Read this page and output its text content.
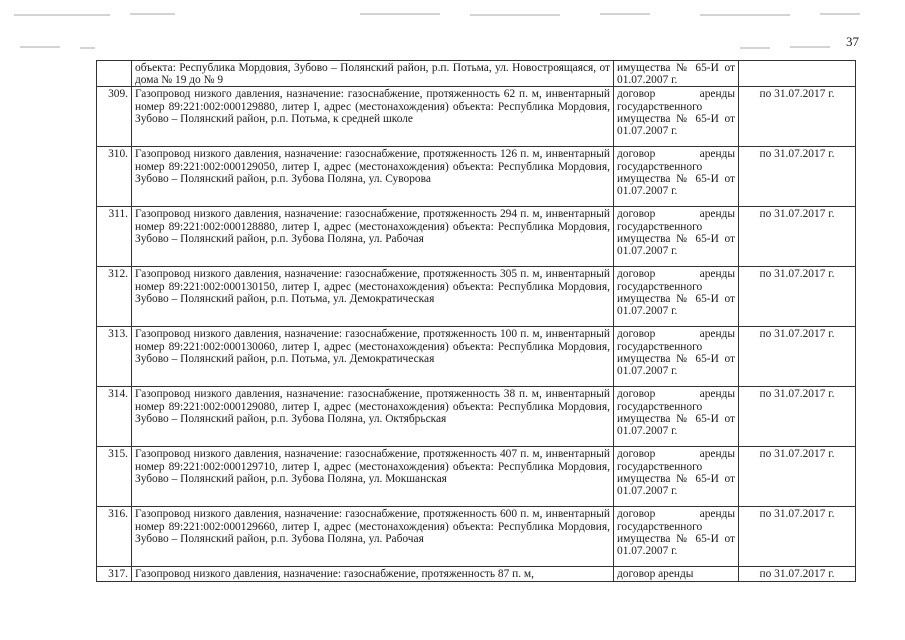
37
	объекта: Республика Мордовия, Зубово – Полянский район, р.п. Потьма, ул. Новостроящаяся, от дома № 19 до № 9	имущества № 65-И от 01.07.2007 г.	
309.	Газопровод низкого давления, назначение: газоснабжение, протяженность 62 п. м, инвентарный номер 89:221:002:000129880, литер I, адрес (местонахождения) объекта: Республика Мордовия, Зубово – Полянский район, р.п. Потьма, к средней школе	договор аренды государственного имущества № 65-И от 01.07.2007 г.	по 31.07.2017 г.
310.	Газопровод низкого давления, назначение: газоснабжение, протяженность 126 п. м, инвентарный номер 89:221:002:000129050, литер I, адрес (местонахождения) объекта: Республика Мордовия, Зубово – Полянский район, р.п. Зубова Поляна, ул. Суворова	договор аренды государственного имущества № 65-И от 01.07.2007 г.	по 31.07.2017 г.
311.	Газопровод низкого давления, назначение: газоснабжение, протяженность 294 п. м, инвентарный номер 89:221:002:000128880, литер I, адрес (местонахождения) объекта: Республика Мордовия, Зубово – Полянский район, р.п. Зубова Поляна, ул. Рабочая	договор аренды государственного имущества № 65-И от 01.07.2007 г.	по 31.07.2017 г.
312.	Газопровод низкого давления, назначение: газоснабжение, протяженность 305 п. м, инвентарный номер 89:221:002:000130150, литер I, адрес (местонахождения) объекта: Республика Мордовия, Зубово – Полянский район, р.п. Потьма, ул. Демократическая	договор аренды государственного имущества № 65-И от 01.07.2007 г.	по 31.07.2017 г.
313.	Газопровод низкого давления, назначение: газоснабжение, протяженность 100 п. м, инвентарный номер 89:221:002:000130060, литер I, адрес (местонахождения) объекта: Республика Мордовия, Зубово – Полянский район, р.п. Потьма, ул. Демократическая	договор аренды государственного имущества № 65-И от 01.07.2007 г.	по 31.07.2017 г.
314.	Газопровод низкого давления, назначение: газоснабжение, протяженность 38 п. м, инвентарный номер 89:221:002:000129080, литер I, адрес (местонахождения) объекта: Республика Мордовия, Зубово – Полянский район, р.п. Зубова Поляна, ул. Октябрьская	договор аренды государственного имущества № 65-И от 01.07.2007 г.	по 31.07.2017 г.
315.	Газопровод низкого давления, назначение: газоснабжение, протяженность 407 п. м, инвентарный номер 89:221:002:000129710, литер I, адрес (местонахождения) объекта: Республика Мордовия, Зубово – Полянский район, р.п. Зубова Поляна, ул. Мокшанская	договор аренды государственного имущества № 65-И от 01.07.2007 г.	по 31.07.2017 г.
316.	Газопровод низкого давления, назначение: газоснабжение, протяженность 600 п. м, инвентарный номер 89:221:002:000129660, литер I, адрес (местонахождения) объекта: Республика Мордовия, Зубово – Полянский район, р.п. Зубова Поляна, ул. Рабочая	договор аренды государственного имущества № 65-И от 01.07.2007 г.	по 31.07.2017 г.
317.	Газопровод низкого давления, назначение: газоснабжение, протяженность 87 п. м,	договор аренды	по 31.07.2017 г.
